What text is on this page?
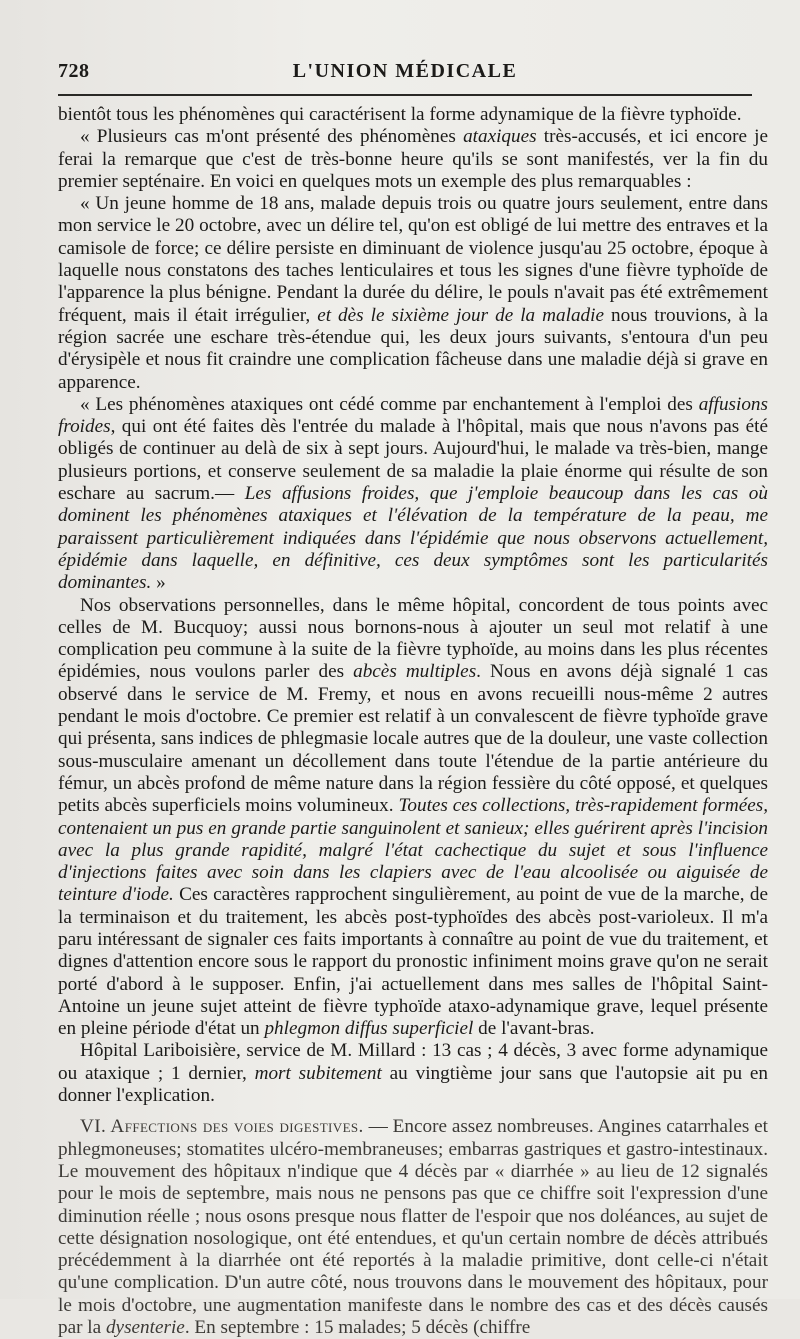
728	L'UNION MÉDICALE

bientôt tous les phénomènes qui caractérisent la forme adynamique de la fièvre typhoïde.

« Plusieurs cas m'ont présenté des phénomènes ataxiques très-accusés, et ici encore je ferai la remarque que c'est de très-bonne heure qu'ils se sont manifestés, ver la fin du premier septénaire. En voici en quelques mots un exemple des plus remarquables :

« Un jeune homme de 18 ans, malade depuis trois ou quatre jours seulement, entre dans mon service le 20 octobre, avec un délire tel, qu'on est obligé de lui mettre des entraves et la camisole de force; ce délire persiste en diminuant de violence jusqu'au 25 octobre, époque à laquelle nous constatons des taches lenticulaires et tous les signes d'une fièvre typhoïde de l'apparence la plus bénigne. Pendant la durée du délire, le pouls n'avait pas été extrêmement fréquent, mais il était irrégulier, et dès le sixième jour de la maladie nous trouvions, à la région sacrée une eschare très-étendue qui, les deux jours suivants, s'entoura d'un peu d'érysipèle et nous fit craindre une complication fâcheuse dans une maladie déjà si grave en apparence.

« Les phénomènes ataxiques ont cédé comme par enchantement à l'emploi des affusions froides, qui ont été faites dès l'entrée du malade à l'hôpital, mais que nous n'avons pas été obligés de continuer au delà de six à sept jours. Aujourd'hui, le malade va très-bien, mange plusieurs portions, et conserve seulement de sa maladie la plaie énorme qui résulte de son eschare au sacrum.— Les affusions froides, que j'emploie beaucoup dans les cas où dominent les phénomènes ataxiques et l'élévation de la température de la peau, me paraissent particulièrement indiquées dans l'épidémie que nous observons actuellement, épidémie dans laquelle, en définitive, ces deux symptômes sont les particularités dominantes. »

Nos observations personnelles, dans le même hôpital, concordent de tous points avec celles de M. Bucquoy; aussi nous bornons-nous à ajouter un seul mot relatif à une complication peu commune à la suite de la fièvre typhoïde, au moins dans les plus récentes épidémies, nous voulons parler des abcès multiples. Nous en avons déjà signalé 1 cas observé dans le service de M. Fremy, et nous en avons recueilli nous-même 2 autres pendant le mois d'octobre. Ce premier est relatif à un convalescent de fièvre typhoïde grave qui présenta, sans indices de phlegmasie locale autres que de la douleur, une vaste collection sous-musculaire amenant un décollement dans toute l'étendue de la partie antérieure du fémur, un abcès profond de même nature dans la région fessière du côté opposé, et quelques petits abcès superficiels moins volumineux. Toutes ces collections, très-rapidement formées, contenaient un pus en grande partie sanguinolent et sanieux; elles guérirent après l'incision avec la plus grande rapidité, malgré l'état cachectique du sujet et sous l'influence d'injections faites avec soin dans les clapiers avec de l'eau alcoolisée ou aiguisée de teinture d'iode. Ces caractères rapprochent singulièrement, au point de vue de la marche, de la terminaison et du traitement, les abcès post-typhoïdes des abcès post-varioleux. Il m'a paru intéressant de signaler ces faits importants à connaître au point de vue du traitement, et dignes d'attention encore sous le rapport du pronostic infiniment moins grave qu'on ne serait porté d'abord à le supposer. Enfin, j'ai actuellement dans mes salles de l'hôpital Saint-Antoine un jeune sujet atteint de fièvre typhoïde ataxo-adynamique grave, lequel présente en pleine période d'état un phlegmon diffus superficiel de l'avant-bras.

Hôpital Lariboisière, service de M. Millard : 13 cas ; 4 décès, 3 avec forme adynamique ou ataxique ; 1 dernier, mort subitement au vingtième jour sans que l'autopsie ait pu en donner l'explication.

VI. Affections des voies digestives. — Encore assez nombreuses. Angines catarrhales et phlegmoneuses; stomatites ulcéro-membraneuses; embarras gastriques et gastro-intestinaux. Le mouvement des hôpitaux n'indique que 4 décès par « diarrhée » au lieu de 12 signalés pour le mois de septembre, mais nous ne pensons pas que ce chiffre soit l'expression d'une diminution réelle ; nous osons presque nous flatter de l'espoir que nos doléances, au sujet de cette désignation nosologique, ont été entendues, et qu'un certain nombre de décès attribués précédemment à la diarrhée ont été reportés à la maladie primitive, dont celle-ci n'était qu'une complication. D'un autre côté, nous trouvons dans le mouvement des hôpitaux, pour le mois d'octobre, une augmentation manifeste dans le nombre des cas et des décès causés par la dysenterie. En septembre : 15 malades; 5 décès (chiffre
